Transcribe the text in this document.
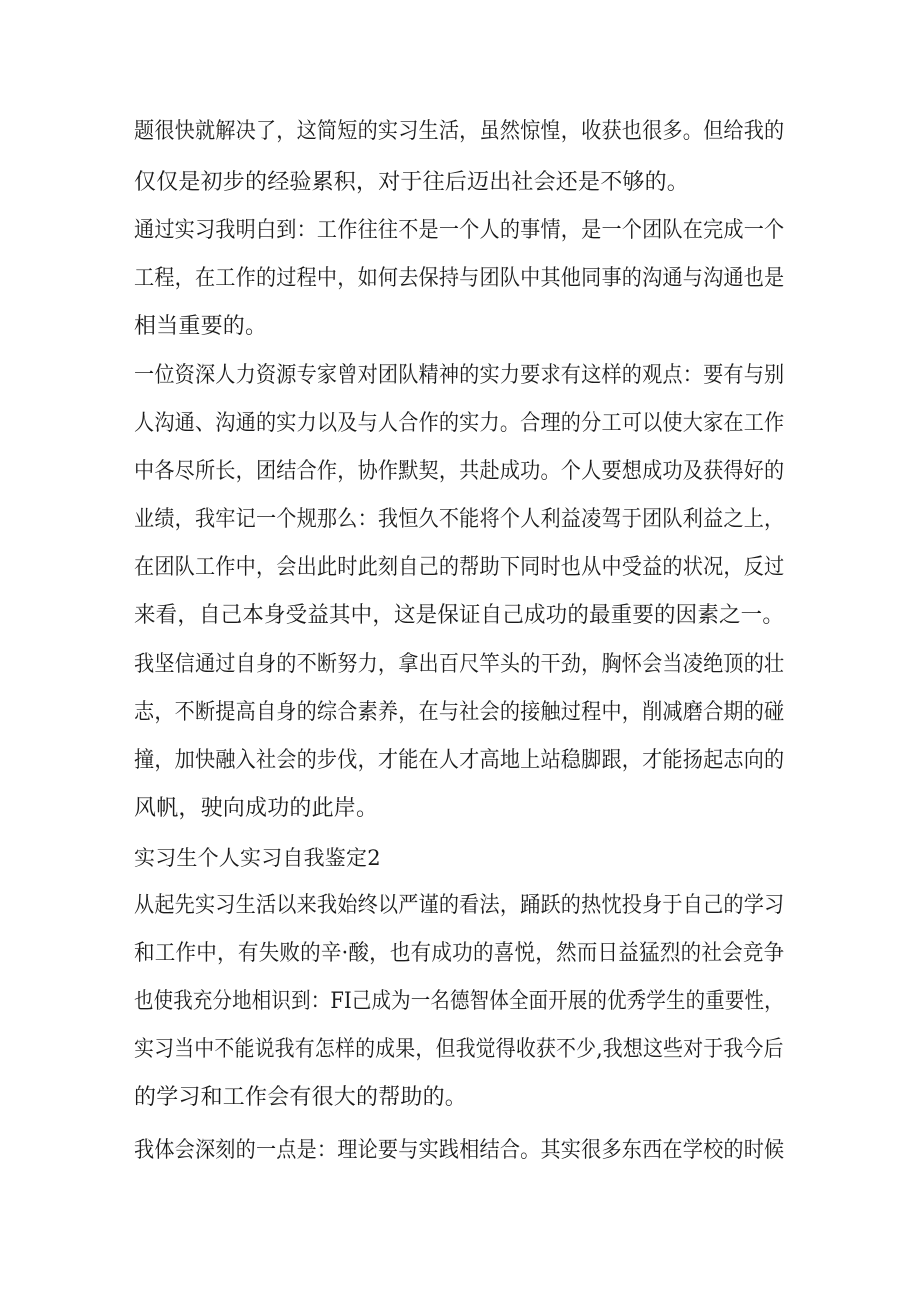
题很快就解决了，这简短的实习生活，虽然惊惶，收获也很多。但给我的
仅仅是初步的经验累积，对于往后迈出社会还是不够的。
通过实习我明白到：工作往往不是一个人的事情，是一个团队在完成一个
工程，在工作的过程中，如何去保持与团队中其他同事的沟通与沟通也是
相当重要的。
一位资深人力资源专家曾对团队精神的实力要求有这样的观点：要有与别
人沟通、沟通的实力以及与人合作的实力。合理的分工可以使大家在工作
中各尽所长，团结合作，协作默契，共赴成功。个人要想成功及获得好的
业绩，我牢记一个规那么：我恒久不能将个人利益凌驾于团队利益之上，
在团队工作中，会出此时此刻自己的帮助下同时也从中受益的状况，反过
来看，自己本身受益其中，这是保证自己成功的最重要的因素之一。
我坚信通过自身的不断努力，拿出百尺竿头的干劲，胸怀会当凌绝顶的壮
志，不断提高自身的综合素养，在与社会的接触过程中，削减磨合期的碰
撞，加快融入社会的步伐，才能在人才高地上站稳脚跟，才能扬起志向的
风帆，驶向成功的此岸。
实习生个人实习自我鉴定2
从起先实习生活以来我始终以严谨的看法，踊跃的热忱投身于自己的学习
和工作中，有失败的辛·酸，也有成功的喜悦，然而日益猛烈的社会竞争
也使我充分地相识到：FI己成为一名德智体全面开展的优秀学生的重要性，
实习当中不能说我有怎样的成果，但我觉得收获不少,我想这些对于我今后
的学习和工作会有很大的帮助的。
我体会深刻的一点是：理论要与实践相结合。其实很多东西在学校的时候
